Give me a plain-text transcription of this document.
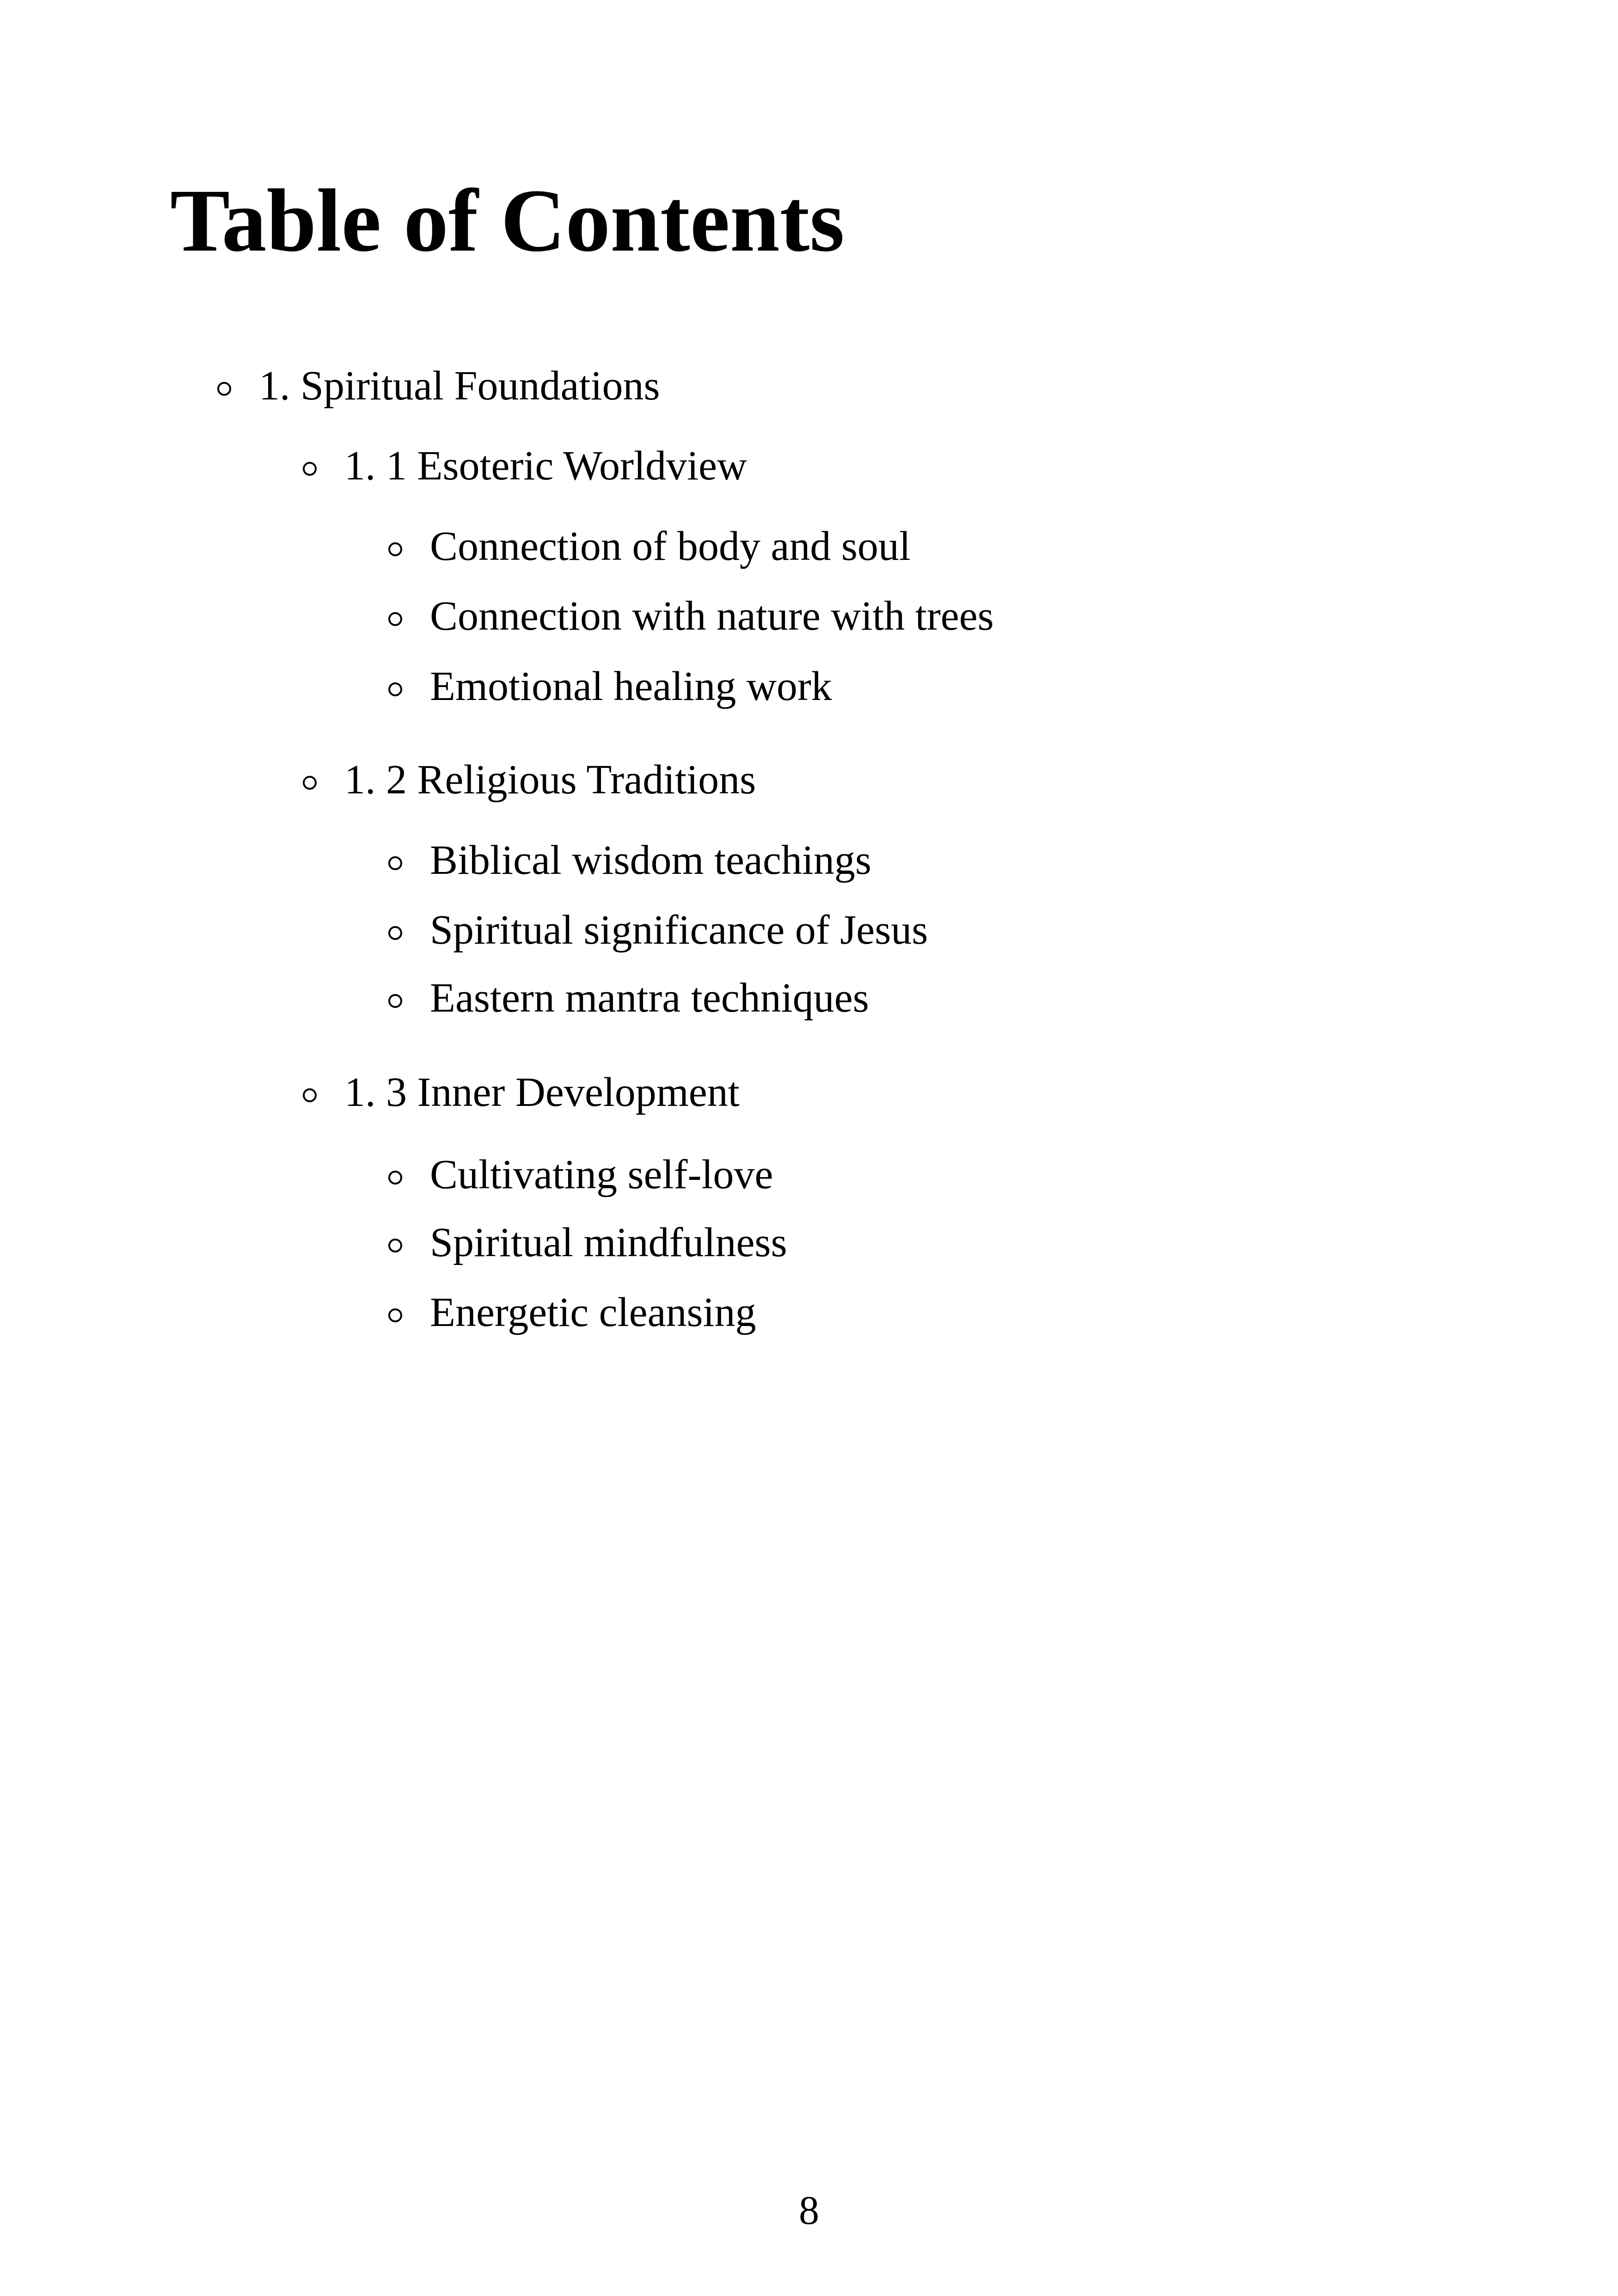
Table of Contents
1. Spiritual Foundations
1. 1 Esoteric Worldview
Connection of body and soul
Connection with nature with trees
Emotional healing work
1. 2 Religious Traditions
Biblical wisdom teachings
Spiritual significance of Jesus
Eastern mantra techniques
1. 3 Inner Development
Cultivating self-love
Spiritual mindfulness
Energetic cleansing
8
